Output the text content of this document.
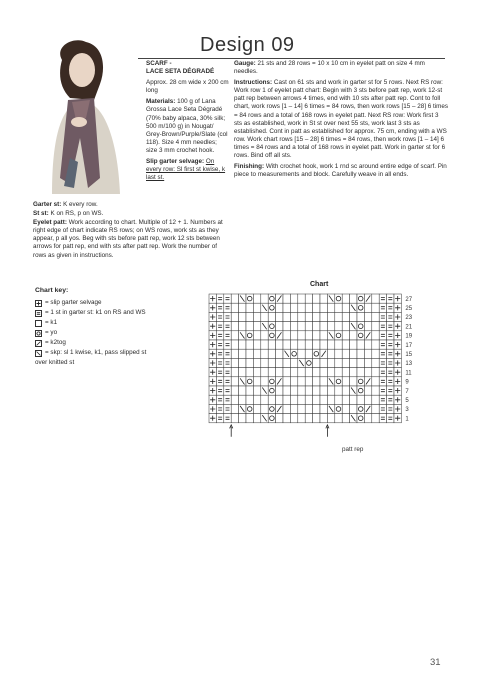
Design 09

SCARF -
LACE SETA DÉGRADÉ

Approx. 28 cm wide x 200 cm long

Materials: 100 g of Lana Grossa Lace Seta Dégradé (70% baby alpaca, 30% silk; 500 m/100 g) in Nougat/ Grey-Brown/Purple/Slate (col 118). Size 4 mm needles; size 3 mm crochet hook.

Slip garter selvage: On every row: Sl first st kwise, k last st.

Garter st: K every row.

St st: K on RS, p on WS.

Eyelet patt: Work according to chart. Multiple of 12 + 1. Numbers at right edge of chart indicate RS rows; on WS rows, work sts as they appear, p all yos. Beg with sts before patt rep, work 12 sts between arrows for patt rep, end with sts after patt rep. Work the number of rows as given in instructions.

Gauge: 21 sts and 28 rows = 10 x 10 cm in eyelet patt on size 4 mm needles.

Instructions: Cast on 61 sts and work in garter st for 5 rows. Next RS row: Work row 1 of eyelet patt chart: Begin with 3 sts before patt rep, work 12-st patt rep between arrows 4 times, end with 10 sts after patt rep. Cont to foll chart, work rows [1 – 14] 6 times = 84 rows, then work rows [15 – 28] 6 times = 84 rows and a total of 168 rows in eyelet patt. Next RS row: Work first 3 sts as established, work in St st over next 55 sts, work last 3 sts as established. Cont in patt as established for approx. 75 cm, ending with a WS row. Work chart rows [15 – 28] 6 times = 84 rows, then work rows [1 – 14] 6 times = 84 rows and a total of 168 rows in eyelet patt. Work in garter st for 6 rows. Bind off all sts.

Finishing: With crochet hook, work 1 rnd sc around entire edge of scarf. Pin piece to measurements and block. Carefully weave in all ends.

Chart key:
= slip garter selvage
= 1 st in garter st: k1 on RS and WS
= k1
= yo
= k2tog
= skp: sl 1 kwise, k1, pass slipped st
over knitted st
Chart
27
25
23
21
19
17
15
13
11
9
7
5
3
1
patt rep
31
